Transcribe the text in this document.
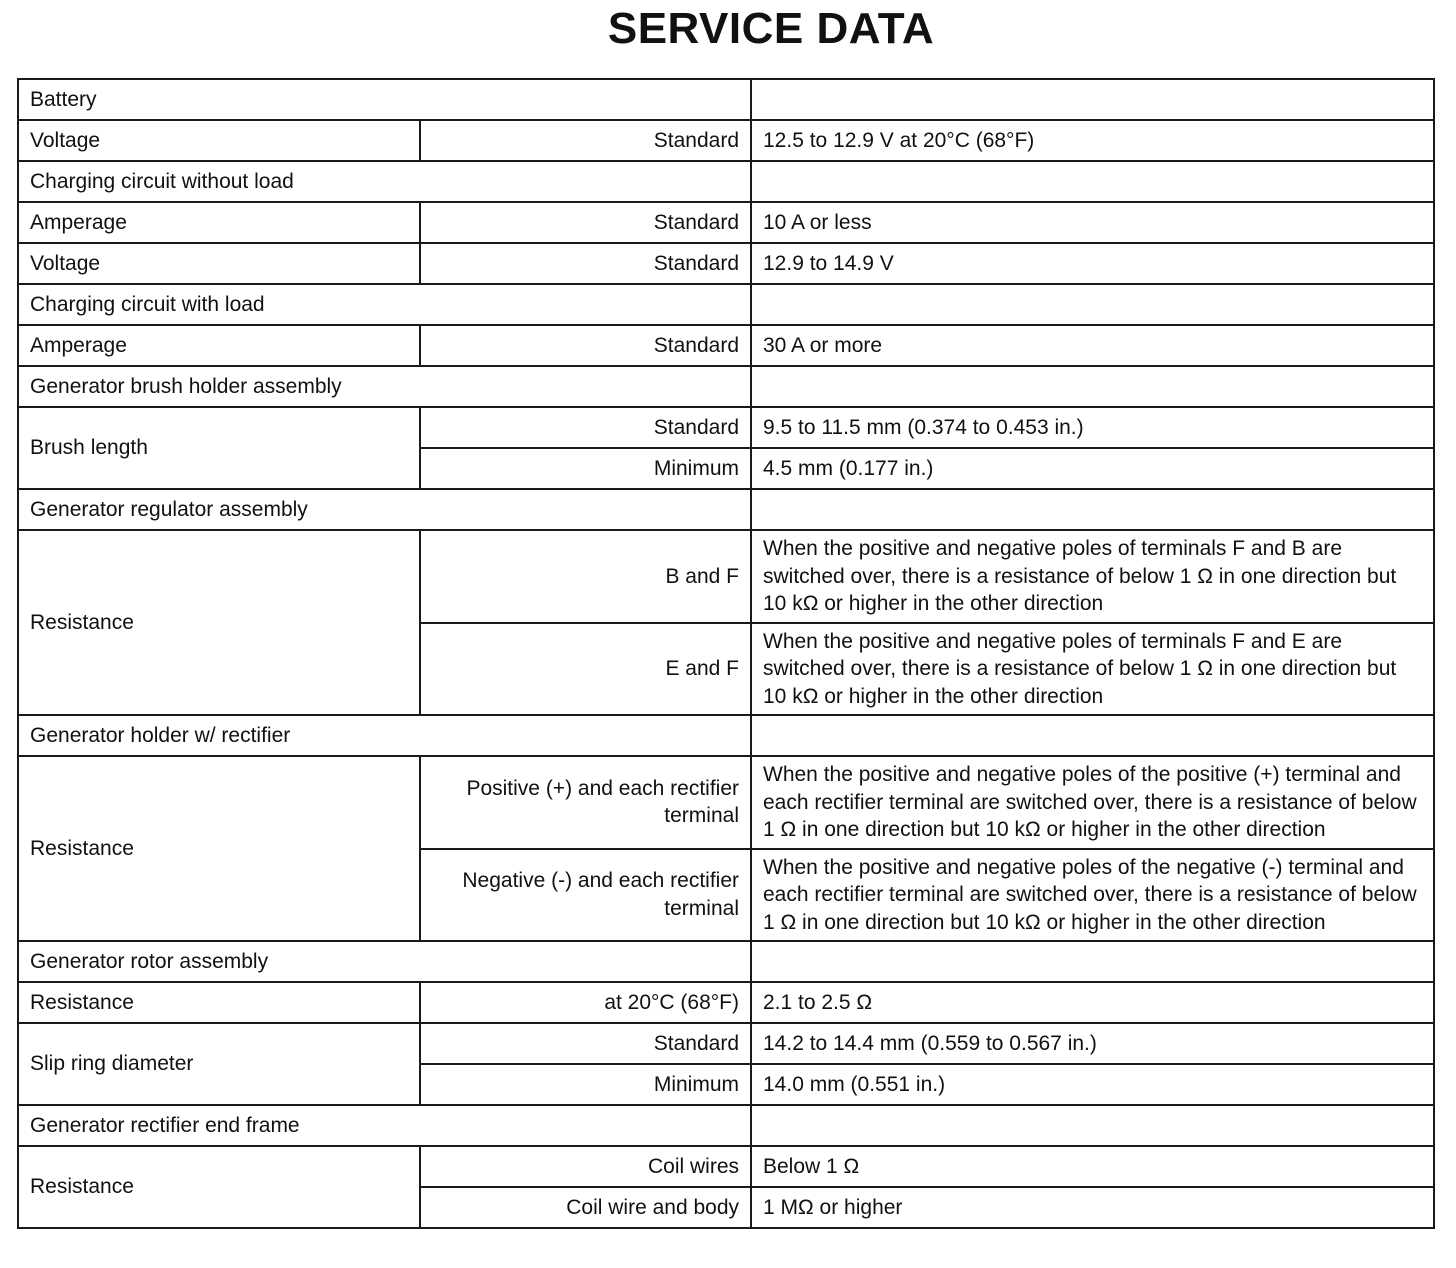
SERVICE DATA
Battery		
Voltage	Standard	12.5 to 12.9 V at 20°C (68°F)
Charging circuit without load		
Amperage	Standard	10 A or less
Voltage	Standard	12.9 to 14.9 V
Charging circuit with load		
Amperage	Standard	30 A or more
Generator brush holder assembly		
Brush length	Standard	9.5 to 11.5 mm (0.374 to 0.453 in.)
	Minimum	4.5 mm (0.177 in.)
Generator regulator assembly		
Resistance	B and F	When the positive and negative poles of terminals F and B are switched over, there is a resistance of below 1 Ω in one direction but 10 kΩ or higher in the other direction
	E and F	When the positive and negative poles of terminals F and E are switched over, there is a resistance of below 1 Ω in one direction but 10 kΩ or higher in the other direction
Generator holder w/ rectifier		
Resistance	Positive (+) and each rectifier terminal	When the positive and negative poles of the positive (+) terminal and each rectifier terminal are switched over, there is a resistance of below 1 Ω in one direction but 10 kΩ or higher in the other direction
	Negative (-) and each rectifier terminal	When the positive and negative poles of the negative (-) terminal and each rectifier terminal are switched over, there is a resistance of below 1 Ω in one direction but 10 kΩ or higher in the other direction
Generator rotor assembly		
Resistance	at 20°C (68°F)	2.1 to 2.5 Ω
Slip ring diameter	Standard	14.2 to 14.4 mm (0.559 to 0.567 in.)
	Minimum	14.0 mm (0.551 in.)
Generator rectifier end frame		
Resistance	Coil wires	Below 1 Ω
	Coil wire and body	1 MΩ or higher
